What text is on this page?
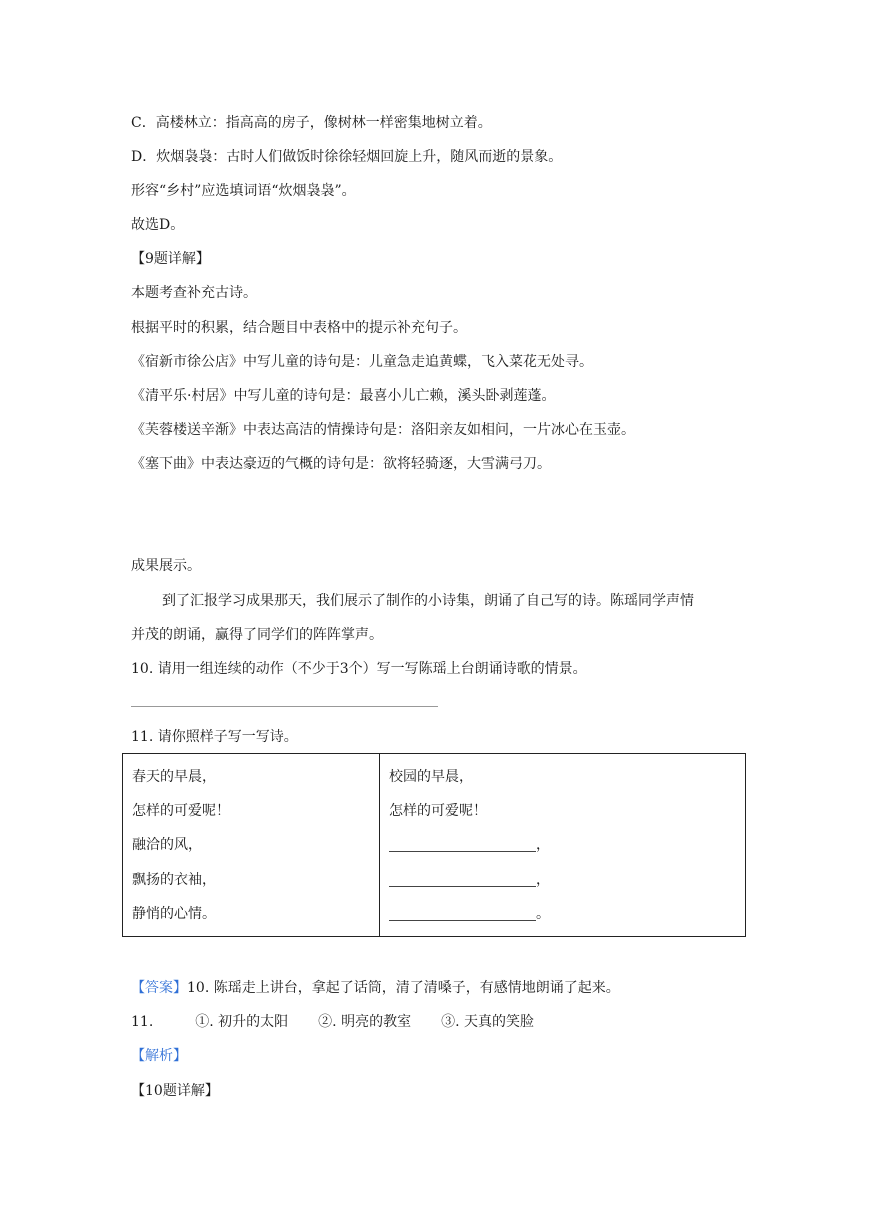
C．高楼林立：指高高的房子，像树林一样密集地树立着。
D．炊烟袅袅：古时人们做饭时徐徐轻烟回旋上升，随风而逝的景象。
形容“乡村”应选填词语“炊烟袅袅”。
故选D。
【9题详解】
本题考查补充古诗。
根据平时的积累，结合题目中表格中的提示补充句子。
《宿新市徐公店》中写儿童的诗句是：儿童急走追黄蝶，飞入菜花无处寻。
《清平乐·村居》中写儿童的诗句是：最喜小儿亡赖，溪头卧剥莲蓬。
《芙蓉楼送辛渐》中表达高洁的情操诗句是：洛阳亲友如相问，一片冰心在玉壶。
《塞下曲》中表达豪迈的气概的诗句是：欲将轻骑逐，大雪满弓刀。
成果展示。
到了汇报学习成果那天，我们展示了制作的小诗集，朗诵了自己写的诗。陈瑶同学声情
并茂的朗诵，赢得了同学们的阵阵掌声。
10. 请用一组连续的动作（不少于3个）写一写陈瑶上台朗诵诗歌的情景。
11. 请你照样子写一写诗。
春天的早晨，
怎样的可爱呢！
融洽的风，
飘扬的衣袖，
静悄的心情。

校园的早晨，
怎样的可爱呢！
，
，
。
【答案】10. 陈瑶走上讲台，拿起了话筒，清了清嗓子，有感情地朗诵了起来。
11.	①. 初升的太阳 ②. 明亮的教室 ③. 天真的笑脸
【解析】
【10题详解】
